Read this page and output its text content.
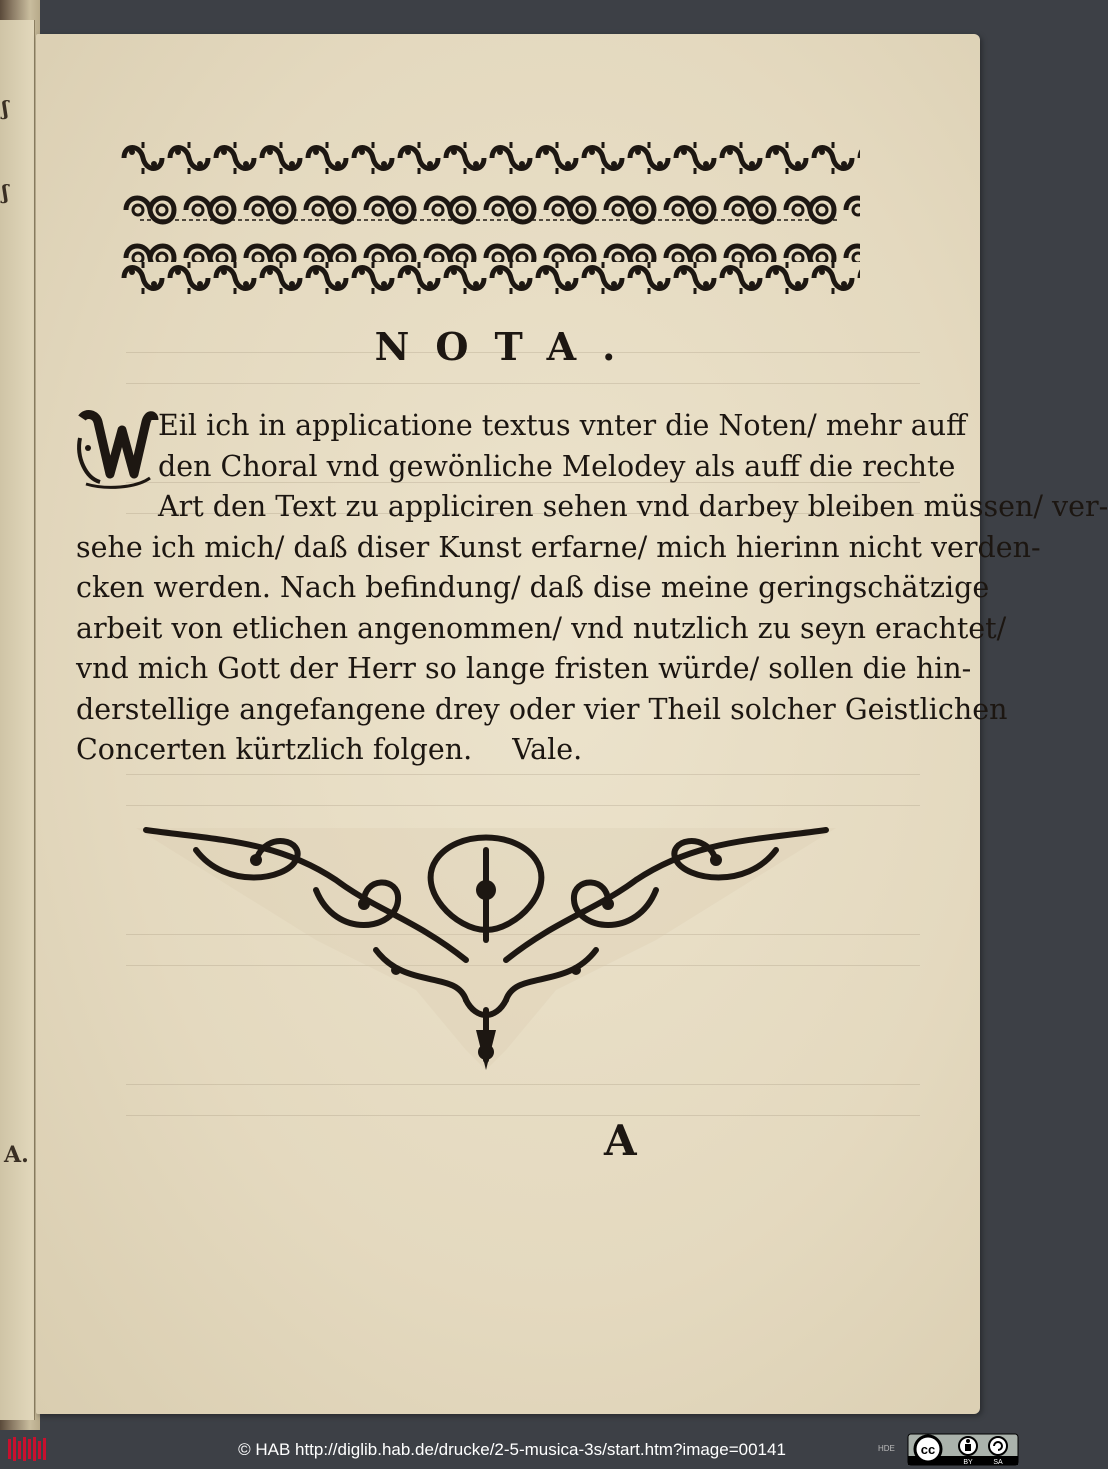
ʃ
ʃ
A.
NOTA.
Eil ich in applicatione textus vnter die Noten/ mehr auff
den Choral vnd gewönliche Melodey als auff die rechte
Art den Text zu appliciren sehen vnd darbey bleiben müssen/ ver-
sehe ich mich/ daß diser Kunst erfarne/ mich hierinn nicht verden-
cken werden. Nach befindung/ daß dise meine geringschätzige
arbeit von etlichen angenommen/ vnd nutzlich zu seyn erachtet/
vnd mich Gott der Herr so lange fristen würde/ sollen die hin-
derstellige angefangene drey oder vier Theil solcher Geistlichen
Concerten kürtzlich folgen. Vale.
A
© HAB http://diglib.hab.de/drucke/2-5-musica-3s/start.htm?image=00141	HDE cc
BY	SA
